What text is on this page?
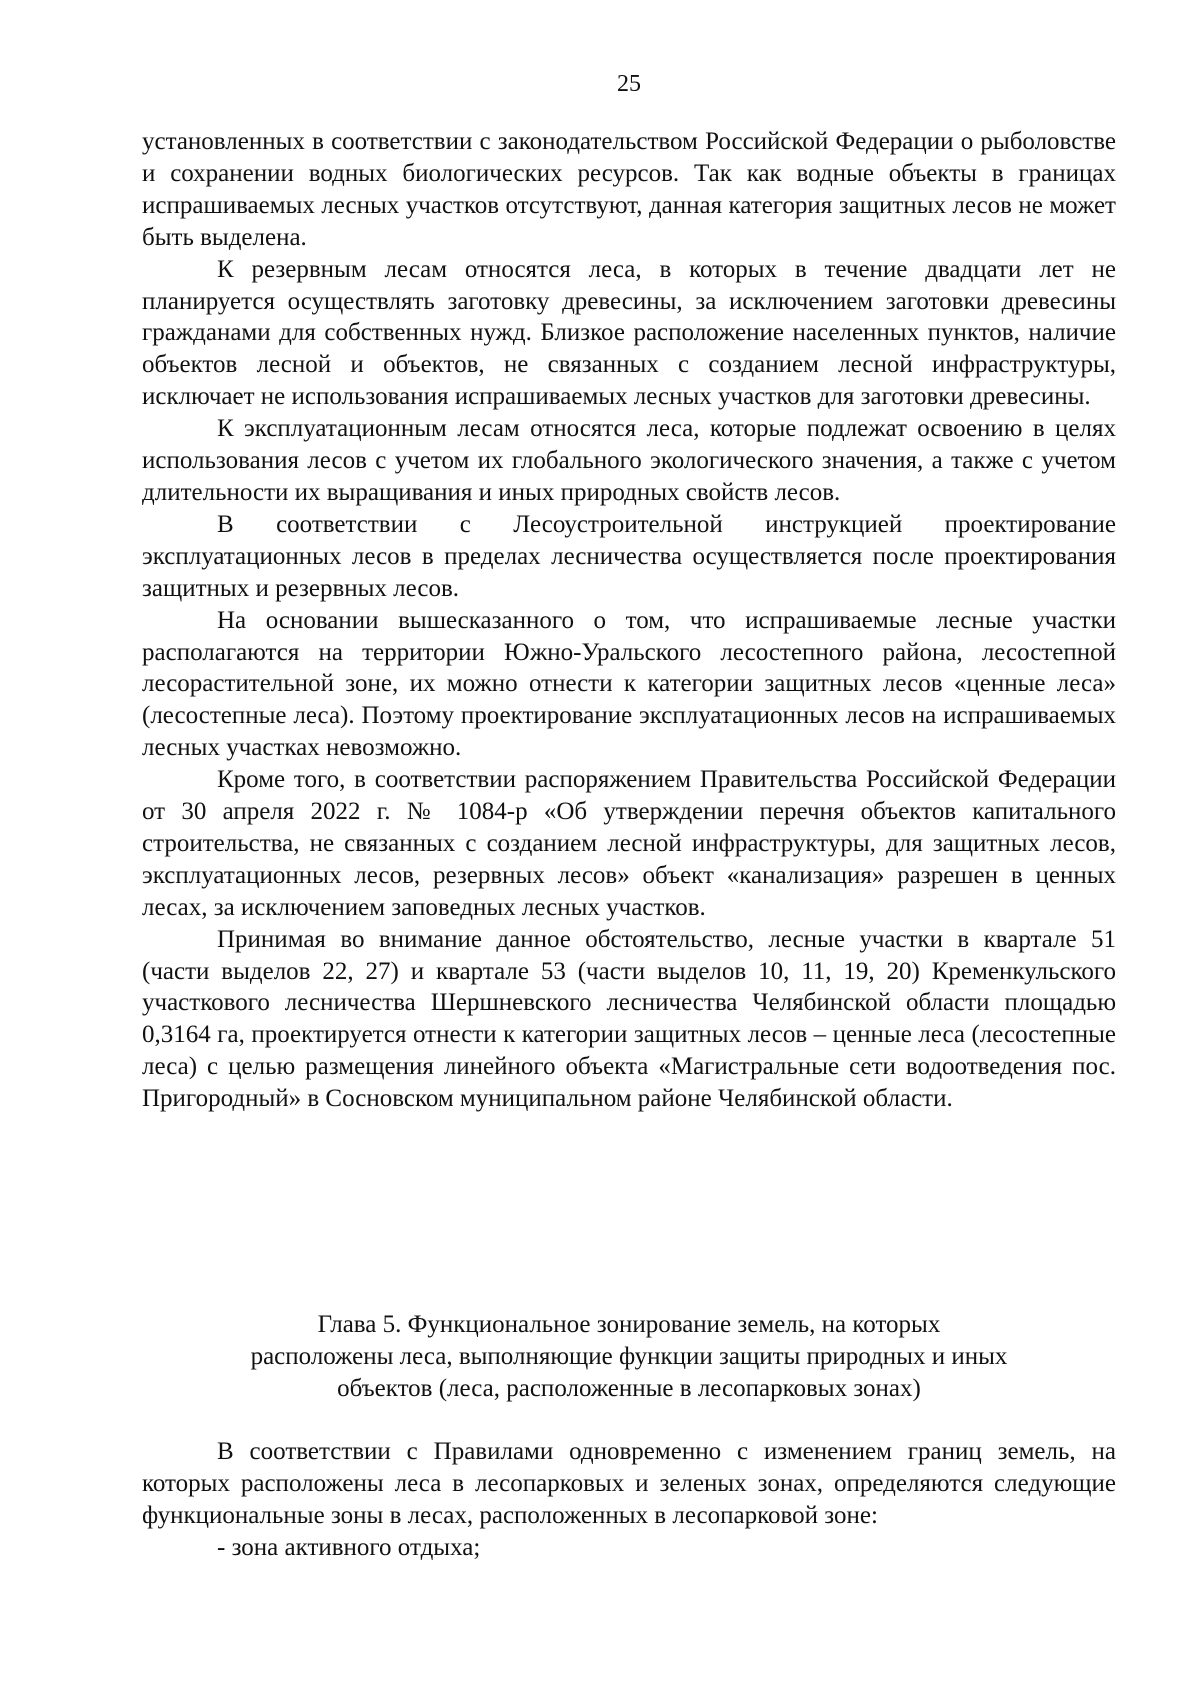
25

установленных в соответствии с законодательством Российской Федерации о рыболовстве и сохранении водных биологических ресурсов. Так как водные объекты в границах испрашиваемых лесных участков отсутствуют, данная категория защитных лесов не может быть выделена.

К резервным лесам относятся леса, в которых в течение двадцати лет не планируется осуществлять заготовку древесины, за исключением заготовки древесины гражданами для собственных нужд. Близкое расположение населенных пунктов, наличие объектов лесной и объектов, не связанных с созданием лесной инфраструктуры, исключает не использования испрашиваемых лесных участков для заготовки древесины.

К эксплуатационным лесам относятся леса, которые подлежат освоению в целях использования лесов с учетом их глобального экологического значения, а также с учетом длительности их выращивания и иных природных свойств лесов.

В соответствии с Лесоустроительной инструкцией проектирование эксплуатационных лесов в пределах лесничества осуществляется после проектирования защитных и резервных лесов.

На основании вышесказанного о том, что испрашиваемые лесные участки располагаются на территории Южно-Уральского лесостепного района, лесостепной лесорастительной зоне, их можно отнести к категории защитных лесов «ценные леса» (лесостепные леса). Поэтому проектирование эксплуатационных лесов на испрашиваемых лесных участках невозможно.

Кроме того, в соответствии распоряжением Правительства Российской Федерации от 30 апреля 2022 г. № 1084-р «Об утверждении перечня объектов капитального строительства, не связанных с созданием лесной инфраструктуры, для защитных лесов, эксплуатационных лесов, резервных лесов» объект «канализация» разрешен в ценных лесах, за исключением заповедных лесных участков.

Принимая во внимание данное обстоятельство, лесные участки в квартале 51 (части выделов 22, 27) и квартале 53 (части выделов 10, 11, 19, 20) Кременкульского участкового лесничества Шершневского лесничества Челябинской области площадью 0,3164 га, проектируется отнести к категории защитных лесов – ценные леса (лесостепные леса) с целью размещения линейного объекта «Магистральные сети водоотведения пос. Пригородный» в Сосновском муниципальном районе Челябинской области.

Глава 5. Функциональное зонирование земель, на которых
расположены леса, выполняющие функции защиты природных и иных
объектов (леса, расположенные в лесопарковых зонах)

В соответствии с Правилами одновременно с изменением границ земель, на которых расположены леса в лесопарковых и зеленых зонах, определяются следующие функциональные зоны в лесах, расположенных в лесопарковой зоне:

- зона активного отдыха;
